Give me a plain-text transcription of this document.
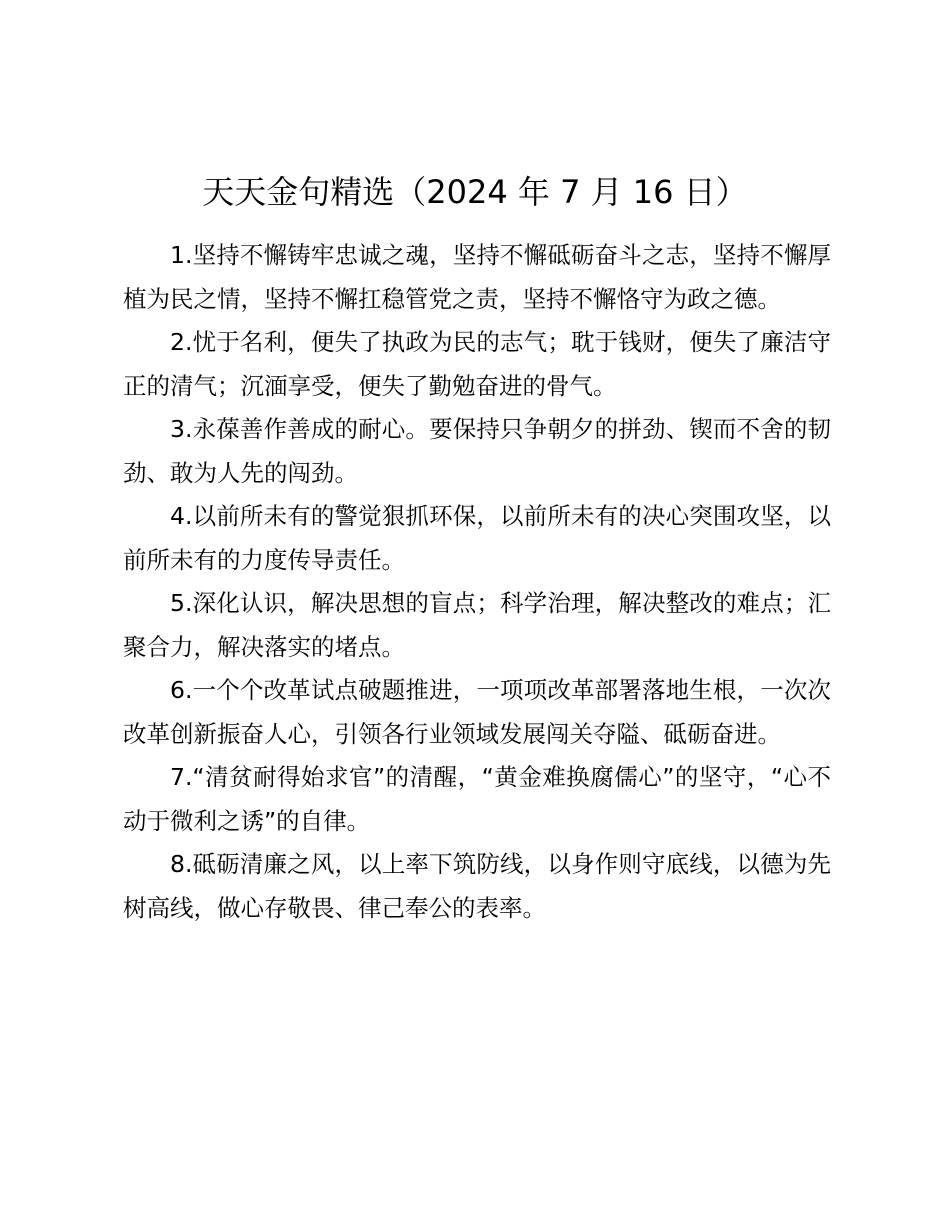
天天金句精选（2024 年 7 月 16 日）

1.坚持不懈铸牢忠诚之魂，坚持不懈砥砺奋斗之志，坚持不懈厚植为民之情，坚持不懈扛稳管党之责，坚持不懈恪守为政之德。

2.忧于名利，便失了执政为民的志气；耽于钱财，便失了廉洁守正的清气；沉湎享受，便失了勤勉奋进的骨气。

3.永葆善作善成的耐心。要保持只争朝夕的拼劲、锲而不舍的韧劲、敢为人先的闯劲。

4.以前所未有的警觉狠抓环保，以前所未有的决心突围攻坚，以前所未有的力度传导责任。

5.深化认识，解决思想的盲点；科学治理，解决整改的难点；汇聚合力，解决落实的堵点。

6.一个个改革试点破题推进，一项项改革部署落地生根，一次次改革创新振奋人心，引领各行业领域发展闯关夺隘、砥砺奋进。

7.“清贫耐得始求官”的清醒，“黄金难换腐儒心”的坚守，“心不动于微利之诱”的自律。

8.砥砺清廉之风，以上率下筑防线，以身作则守底线，以德为先树高线，做心存敬畏、律己奉公的表率。
